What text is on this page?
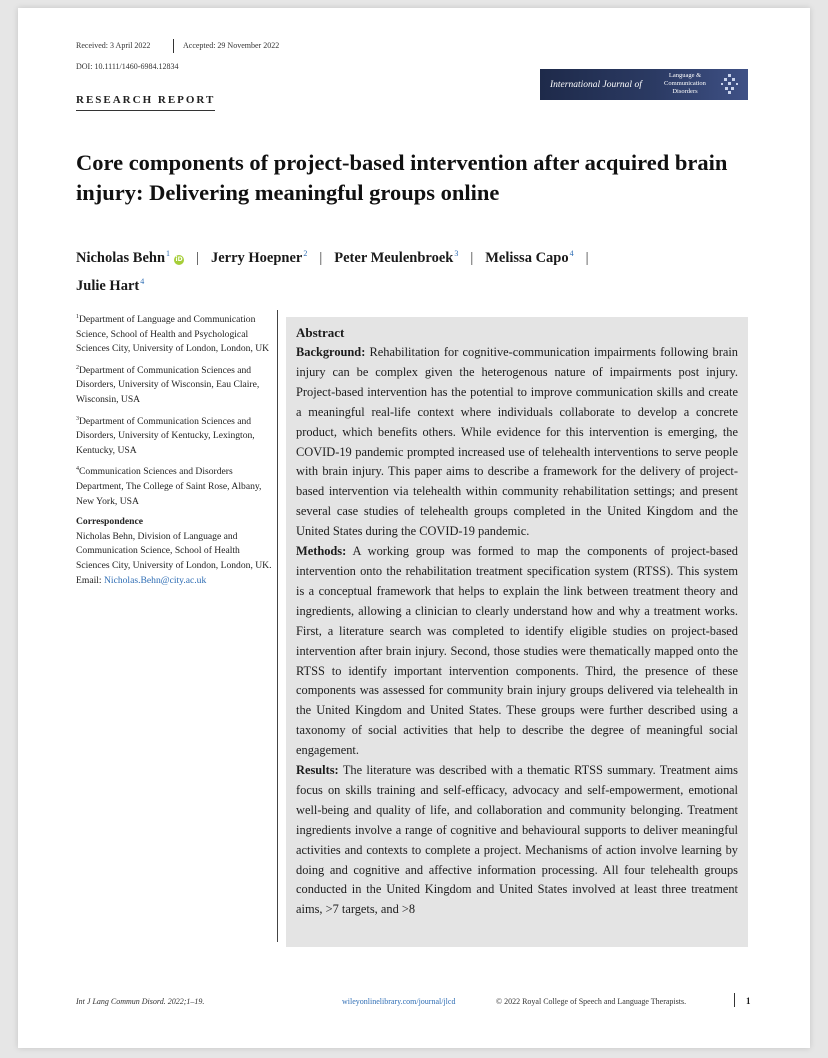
Received: 3 April 2022	Accepted: 29 November 2022
DOI: 10.1111/1460-6984.12834
RESEARCH REPORT
International Journal of
Language & Communication Disorders
Core components of project-based intervention after acquired brain injury: Delivering meaningful groups online
Nicholas Behn$^1$iD | Jerry Hoepner$^2$ | Peter Meulenbroek$^3$ | Melissa Capo$^4$ |
Julie Hart$^4$

$^1$Department of Language and Communication Science, School of Health and Psychological Sciences City, University of London, London, UK

$^2$Department of Communication Sciences and Disorders, University of Wisconsin, Eau Claire, Wisconsin, USA

$^3$Department of Communication Sciences and Disorders, University of Kentucky, Lexington, Kentucky, USA

$^4$Communication Sciences and Disorders Department, The College of Saint Rose, Albany, New York, USA

Correspondence

Nicholas Behn, Division of Language and Communication Science, School of Health Sciences City, University of London, London, UK.
Email: Nicholas.Behn@city.ac.uk

Abstract

Background: Rehabilitation for cognitive-communication impairments following brain injury can be complex given the heterogenous nature of impairments post injury. Project-based intervention has the potential to improve communication skills and create a meaningful real-life context where individuals collaborate to develop a concrete product, which benefits others. While evidence for this intervention is emerging, the COVID-19 pandemic prompted increased use of telehealth interventions to serve people with brain injury. This paper aims to describe a framework for the delivery of project-based intervention via telehealth within community rehabilitation settings; and present several case studies of telehealth groups completed in the United Kingdom and the United States during the COVID-19 pandemic.

Methods: A working group was formed to map the components of project-based intervention onto the rehabilitation treatment specification system (RTSS). This system is a conceptual framework that helps to explain the link between treatment theory and ingredients, allowing a clinician to clearly understand how and why a treatment works. First, a literature search was completed to identify eligible studies on project-based intervention after brain injury. Second, those studies were thematically mapped onto the RTSS to identify important intervention components. Third, the presence of these components was assessed for community brain injury groups delivered via telehealth in the United Kingdom and United States. These groups were further described using a taxonomy of social activities that help to describe the degree of meaningful social engagement.

Results: The literature was described with a thematic RTSS summary. Treatment aims focus on skills training and self-efficacy, advocacy and self-empowerment, emotional well-being and quality of life, and collaboration and community belonging. Treatment ingredients involve a range of cognitive and behavioural supports to deliver meaningful activities and contexts to complete a project. Mechanisms of action involve learning by doing and cognitive and affective information processing. All four telehealth groups conducted in the United Kingdom and United States involved at least three treatment aims, >7 targets, and >8

Int J Lang Commun Disord. 2022;1–19.	wileyonlinelibrary.com/journal/jlcd	© 2022 Royal College of Speech and Language Therapists.	1
